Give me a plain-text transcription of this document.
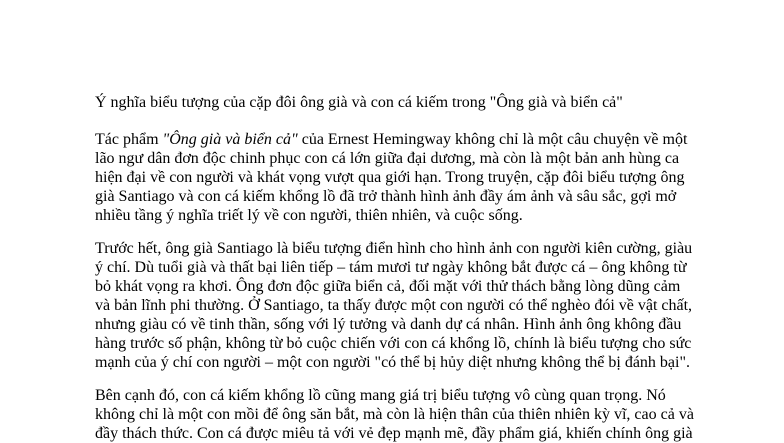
Ý nghĩa biểu tượng của cặp đôi ông già và con cá kiếm trong "Ông già và biển cả"

Tác phẩm "Ông già và biển cả" của Ernest Hemingway không chỉ là một câu chuyện về một lão ngư dân đơn độc chinh phục con cá lớn giữa đại dương, mà còn là một bản anh hùng ca hiện đại về con người và khát vọng vượt qua giới hạn. Trong truyện, cặp đôi biểu tượng ông già Santiago và con cá kiếm khổng lồ đã trở thành hình ảnh đầy ám ảnh và sâu sắc, gợi mở nhiều tầng ý nghĩa triết lý về con người, thiên nhiên, và cuộc sống.

Trước hết, ông già Santiago là biểu tượng điển hình cho hình ảnh con người kiên cường, giàu ý chí. Dù tuổi già và thất bại liên tiếp – tám mươi tư ngày không bắt được cá – ông không từ bỏ khát vọng ra khơi. Ông đơn độc giữa biển cả, đối mặt với thử thách bằng lòng dũng cảm và bản lĩnh phi thường. Ở Santiago, ta thấy được một con người có thể nghèo đói về vật chất, nhưng giàu có về tinh thần, sống với lý tưởng và danh dự cá nhân. Hình ảnh ông không đầu hàng trước số phận, không từ bỏ cuộc chiến với con cá khổng lồ, chính là biểu tượng cho sức mạnh của ý chí con người – một con người "có thể bị hủy diệt nhưng không thể bị đánh bại".

Bên cạnh đó, con cá kiếm khổng lồ cũng mang giá trị biểu tượng vô cùng quan trọng. Nó không chỉ là một con mồi để ông săn bắt, mà còn là hiện thân của thiên nhiên kỳ vĩ, cao cả và đầy thách thức. Con cá được miêu tả với vẻ đẹp mạnh mẽ, đầy phẩm giá, khiến chính ông già
